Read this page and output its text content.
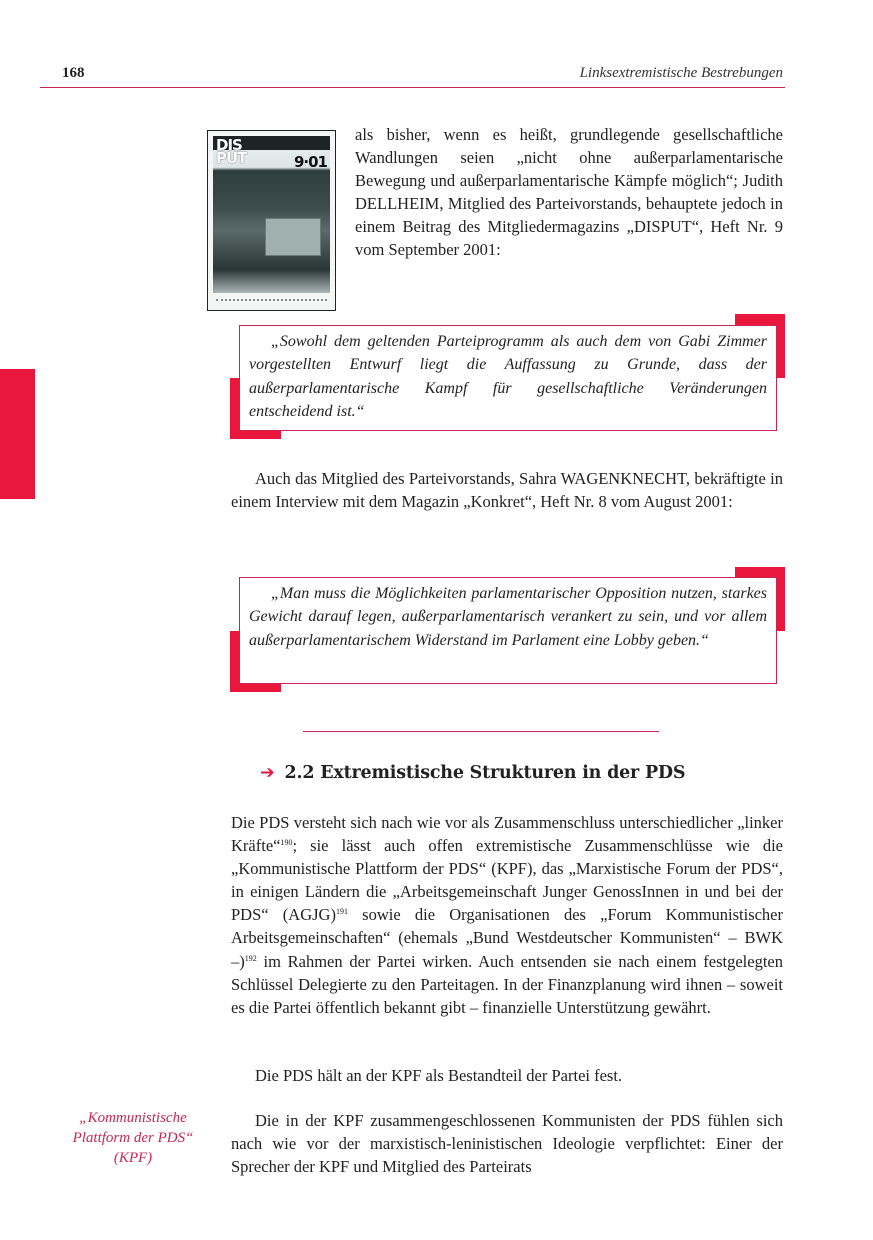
168	Linksextremistische Bestrebungen
DIS
PUT	9·01
als bisher, wenn es heißt, grundlegende gesellschaftliche Wandlungen seien „nicht ohne außerparlamentarische Bewegung und außerparlamentarische Kämpfe möglich“; Judith DELLHEIM, Mitglied des Parteivorstands, behauptete jedoch in einem Beitrag des Mitgliedermagazins „DISPUT“, Heft Nr. 9 vom September 2001:

„Sowohl dem geltenden Parteiprogramm als auch dem von Gabi Zimmer vorgestellten Entwurf liegt die Auffassung zu Grunde, dass der außerparlamentarische Kampf für gesellschaftliche Veränderungen entscheidend ist.“

Auch das Mitglied des Parteivorstands, Sahra WAGENKNECHT, bekräftigte in einem Interview mit dem Magazin „Konkret“, Heft Nr. 8 vom August 2001:

„Man muss die Möglichkeiten parlamentarischer Opposition nutzen, starkes Gewicht darauf legen, außerparlamentarisch verankert zu sein, und vor allem außerparlamentarischem Widerstand im Parlament eine Lobby geben.“

➔ 2.2 Extremistische Strukturen in der PDS
Die PDS versteht sich nach wie vor als Zusammenschluss unterschiedlicher „linker Kräfte“$^{190}$; sie lässt auch offen extremistische Zusammenschlüsse wie die „Kommunistische Plattform der PDS“ (KPF), das „Marxistische Forum der PDS“, in einigen Ländern die „Arbeitsgemeinschaft Junger GenossInnen in und bei der PDS“ (AGJG)$^{191}$ sowie die Organisationen des „Forum Kommunistischer Arbeitsgemeinschaften“ (ehemals „Bund Westdeutscher Kommunisten“ – BWK –)$^{192}$ im Rahmen der Partei wirken. Auch entsenden sie nach einem festgelegten Schlüssel Delegierte zu den Parteitagen. In der Finanzplanung wird ihnen – soweit es die Partei öffentlich bekannt gibt – finanzielle Unterstützung gewährt.
Die PDS hält an der KPF als Bestandteil der Partei fest.
„Kommunistische
Plattform der PDS“
(KPF)
Die in der KPF zusammengeschlossenen Kommunisten der PDS fühlen sich nach wie vor der marxistisch-leninistischen Ideologie verpflichtet: Einer der Sprecher der KPF und Mitglied des Parteirats
